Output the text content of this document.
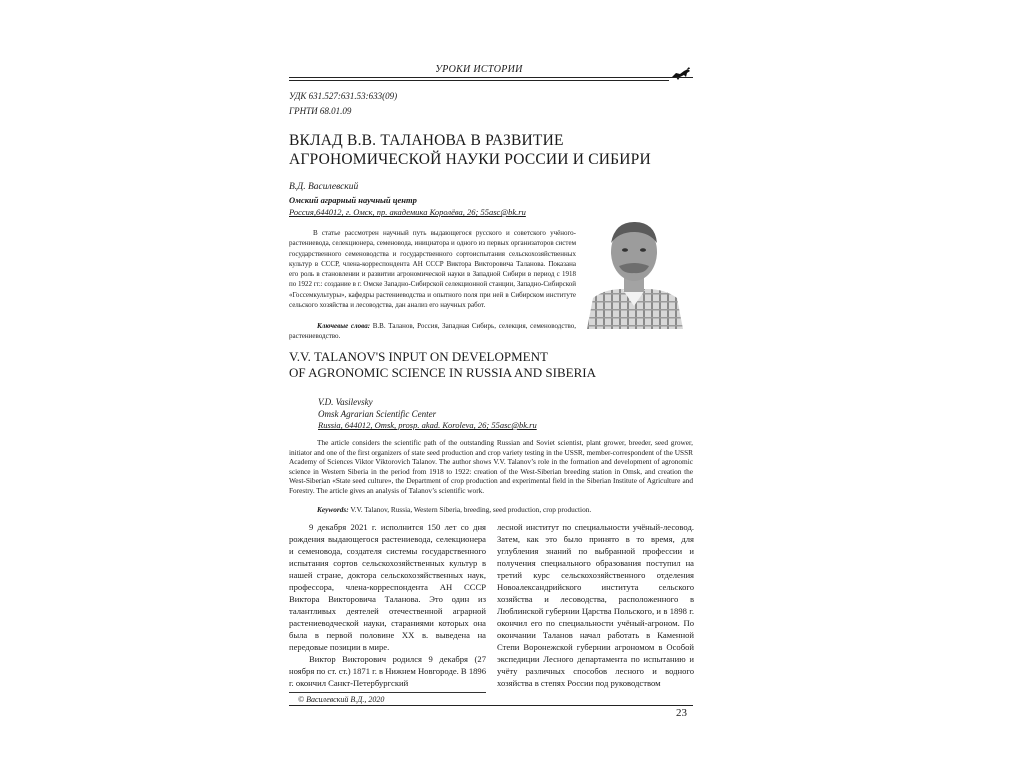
УРОКИ ИСТОРИИ
УДК 631.527:631.53:633(09)
ГРНТИ 68.01.09
ВКЛАД В.В. ТАЛАНОВА В РАЗВИТИЕ
АГРОНОМИЧЕСКОЙ НАУКИ РОССИИ И СИБИРИ
В.Д. Василевский
Омский аграрный научный центр
Россия,644012, г. Омск, пр. академика Королёва, 26; 55asc@bk.ru

В статье рассмотрен научный путь выдающегося русского и советского учёного-растениевода, селекционера, семеновода, инициатора и одного из первых организаторов систем государственного семеноводства и государственного сортоиспытания сельскохозяйственных культур в СССР, члена-корреспондента АН СССР Виктора Викторовича Таланова. Показана его роль в становлении и развитии агрономической науки в Западной Сибири в период с 1918 по 1922 гг.: создание в г. Омске Западно-Сибирской селекционной станции, Западно-Сибирской «Госсемкультуры», кафедры растениеводства и опытного поля при ней в Сибирском институте сельского хозяйства и лесоводства, дан анализ его научных работ.

Ключевые слова: В.В. Таланов, Россия, Западная Сибирь, селекция, семеноводство, растениеводство.

V.V. TALANOV'S INPUT ON DEVELOPMENT
OF AGRONOMIC SCIENCE IN RUSSIA AND SIBERIA
V.D. Vasilevsky
Omsk Agrarian Scientific Center
Russia, 644012, Omsk, prosp. akad. Koroleva, 26; 55asc@bk.ru

The article considers the scientific path of the outstanding Russian and Soviet scientist, plant grower, breeder, seed grower, initiator and one of the first organizers of state seed production and crop variety testing in the USSR, member-correspondent of the USSR Academy of Sciences Viktor Viktorovich Talanov. The author shows V.V. Talanov’s role in the formation and development of agronomic science in Western Siberia in the period from 1918 to 1922: creation of the West-Siberian breeding station in Omsk, and creation the West-Siberian «State seed culture», the Department of crop production and experimental field in the Siberian Institute of Agriculture and Forestry. The article gives an analysis of Talanov’s scientific work.

Keywords: V.V. Talanov, Russia, Western Siberia, breeding, seed production, crop production.

9 декабря 2021 г. исполнится 150 лет со дня рождения выдающегося растениевода, селекционера и семеновода, создателя системы государственного испытания сортов сельскохозяйственных культур в нашей стране, доктора сельскохозяйственных наук, профессора, члена-корреспондента АН СССР Виктора Викторовича Таланова. Это один из талантливых деятелей отечественной аграрной растениеводческой науки, стараниями которых она была в первой половине XX в. выведена на передовые позиции в мире.

Виктор Викторович родился 9 декабря (27 ноября по ст. ст.) 1871 г. в Нижнем Новгороде. В 1896 г. окончил Санкт-Петербургский

лесной институт по специальности учёный-лесовод. Затем, как это было принято в то время, для углубления знаний по выбранной профессии и получения специального образования поступил на третий курс сельскохозяйственного отделения Новоалександрийского института сельского хозяйства и лесоводства, расположенного в Люблинской губернии Царства Польского, и в 1898 г. окончил его по специальности учёный-агроном. По окончании Таланов начал работать в Каменной Степи Воронежской губернии агрономом в Особой экспедиции Лесного департамента по испытанию и учёту различных способов лесного и водного хозяйства в степях России под руководством

© Василевский В.Д., 2020
23
